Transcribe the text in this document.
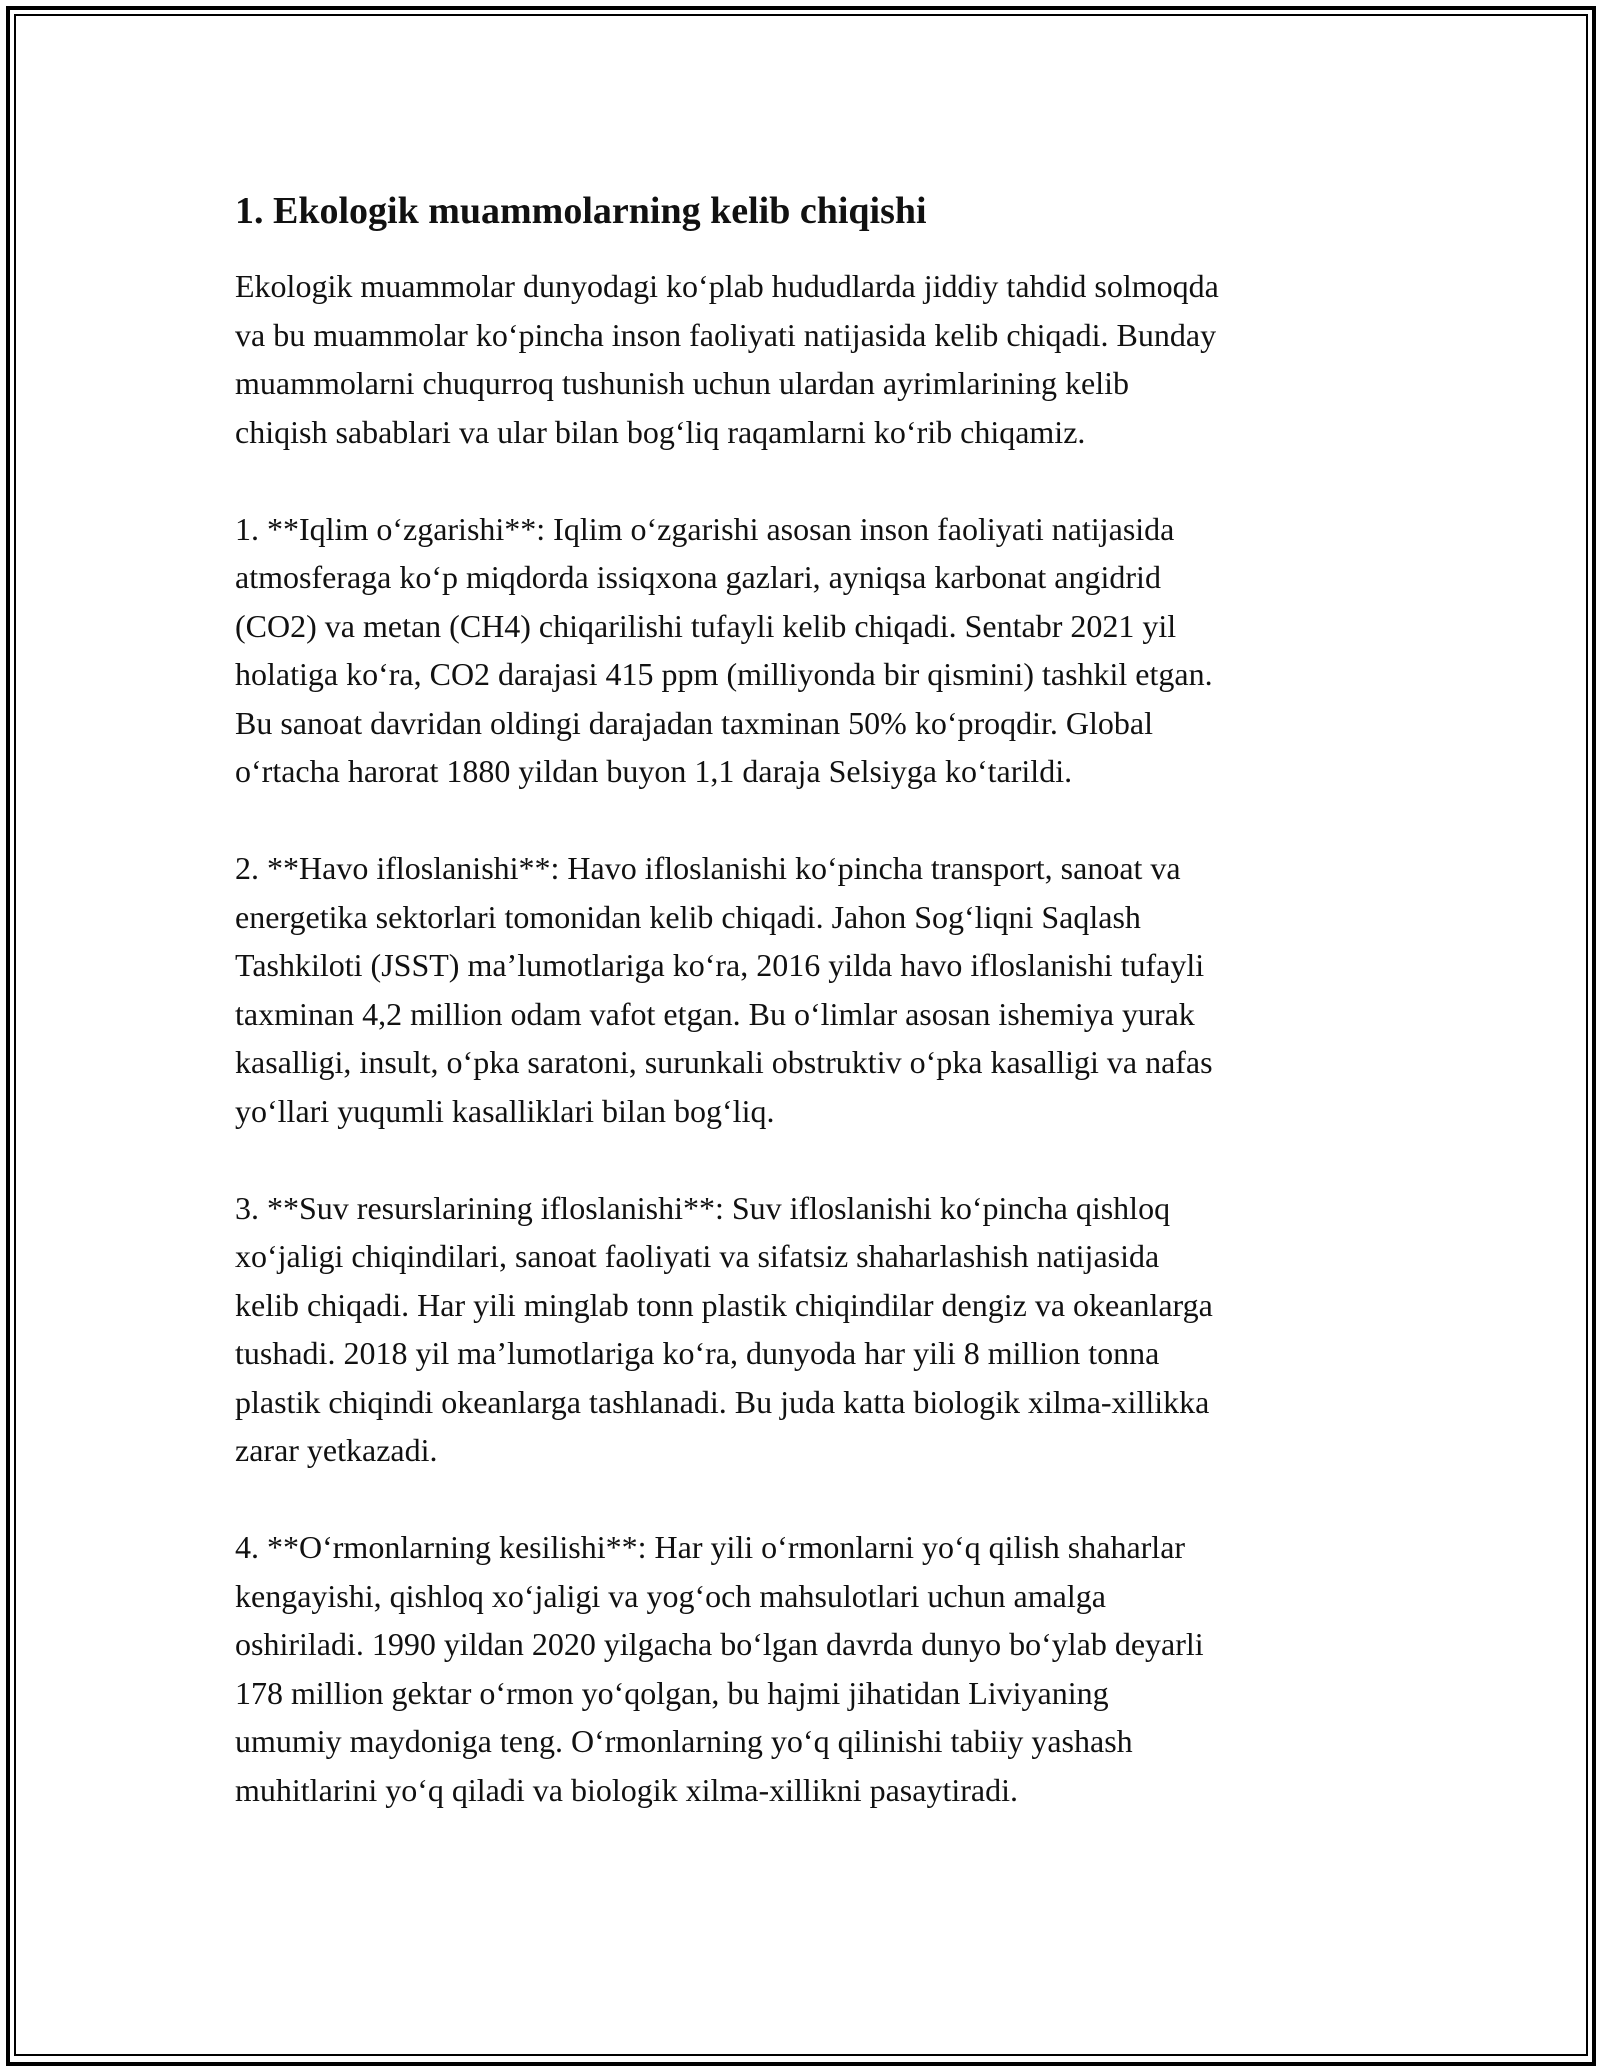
1. Ekologik muammolarning kelib chiqishi

Ekologik muammolar dunyodagi ko‘plab hududlarda jiddiy tahdid solmoqda
va bu muammolar ko‘pincha inson faoliyati natijasida kelib chiqadi. Bunday
muammolarni chuqurroq tushunish uchun ulardan ayrimlarining kelib
chiqish sabablari va ular bilan bog‘liq raqamlarni ko‘rib chiqamiz.

1. **Iqlim o‘zgarishi**: Iqlim o‘zgarishi asosan inson faoliyati natijasida
atmosferaga ko‘p miqdorda issiqxona gazlari, ayniqsa karbonat angidrid
(CO2) va metan (CH4) chiqarilishi tufayli kelib chiqadi. Sentabr 2021 yil
holatiga ko‘ra, CO2 darajasi 415 ppm (milliyonda bir qismini) tashkil etgan.
Bu sanoat davridan oldingi darajadan taxminan 50% ko‘proqdir. Global
o‘rtacha harorat 1880 yildan buyon 1,1 daraja Selsiyga ko‘tarildi.

2. **Havo ifloslanishi**: Havo ifloslanishi ko‘pincha transport, sanoat va
energetika sektorlari tomonidan kelib chiqadi. Jahon Sog‘liqni Saqlash
Tashkiloti (JSST) ma’lumotlariga ko‘ra, 2016 yilda havo ifloslanishi tufayli
taxminan 4,2 million odam vafot etgan. Bu o‘limlar asosan ishemiya yurak
kasalligi, insult, o‘pka saratoni, surunkali obstruktiv o‘pka kasalligi va nafas
yo‘llari yuqumli kasalliklari bilan bog‘liq.

3. **Suv resurslarining ifloslanishi**: Suv ifloslanishi ko‘pincha qishloq
xo‘jaligi chiqindilari, sanoat faoliyati va sifatsiz shaharlashish natijasida
kelib chiqadi. Har yili minglab tonn plastik chiqindilar dengiz va okeanlarga
tushadi. 2018 yil ma’lumotlariga ko‘ra, dunyoda har yili 8 million tonna
plastik chiqindi okeanlarga tashlanadi. Bu juda katta biologik xilma-xillikka
zarar yetkazadi.

4. **O‘rmonlarning kesilishi**: Har yili o‘rmonlarni yo‘q qilish shaharlar
kengayishi, qishloq xo‘jaligi va yog‘och mahsulotlari uchun amalga
oshiriladi. 1990 yildan 2020 yilgacha bo‘lgan davrda dunyo bo‘ylab deyarli
178 million gektar o‘rmon yo‘qolgan, bu hajmi jihatidan Liviyaning
umumiy maydoniga teng. O‘rmonlarning yo‘q qilinishi tabiiy yashash
muhitlarini yo‘q qiladi va biologik xilma-xillikni pasaytiradi.
